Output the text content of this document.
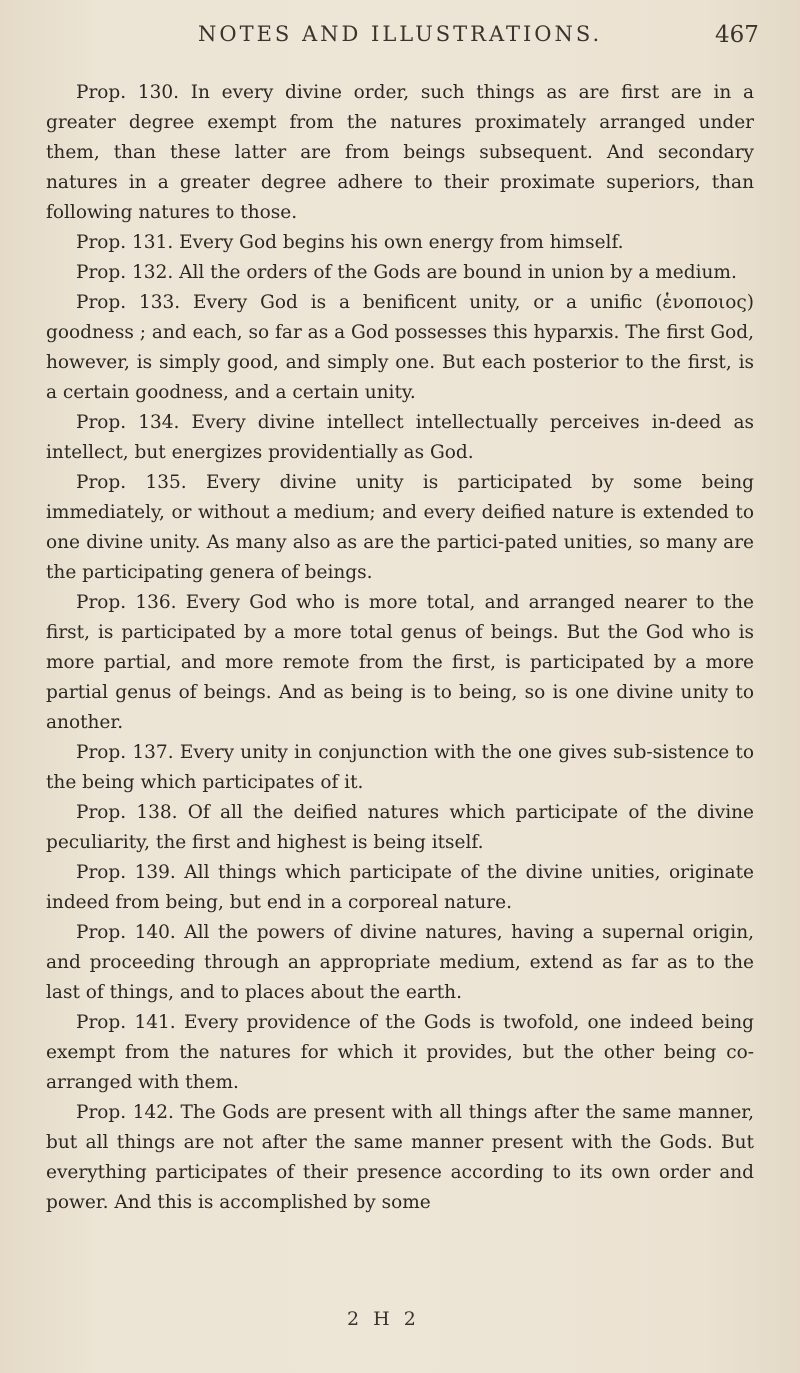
NOTES AND ILLUSTRATIONS.	467

Prop. 130. In every divine order, such things as are first are in a greater degree exempt from the natures proximately arranged under them, than these latter are from beings subsequent. And secondary natures in a greater degree adhere to their proximate superiors, than following natures to those.

Prop. 131. Every God begins his own energy from himself.

Prop. 132. All the orders of the Gods are bound in union by a medium.

Prop. 133. Every God is a benificent unity, or a unific (ἑνοποιος) goodness ; and each, so far as a God possesses this hyparxis. The first God, however, is simply good, and simply one. But each posterior to the first, is a certain goodness, and a certain unity.

Prop. 134. Every divine intellect intellectually perceives in-deed as intellect, but energizes providentially as God.

Prop. 135. Every divine unity is participated by some being immediately, or without a medium; and every deified nature is extended to one divine unity. As many also as are the partici-pated unities, so many are the participating genera of beings.

Prop. 136. Every God who is more total, and arranged nearer to the first, is participated by a more total genus of beings. But the God who is more partial, and more remote from the first, is participated by a more partial genus of beings. And as being is to being, so is one divine unity to another.

Prop. 137. Every unity in conjunction with the one gives sub-sistence to the being which participates of it.

Prop. 138. Of all the deified natures which participate of the divine peculiarity, the first and highest is being itself.

Prop. 139. All things which participate of the divine unities, originate indeed from being, but end in a corporeal nature.

Prop. 140. All the powers of divine natures, having a supernal origin, and proceeding through an appropriate medium, extend as far as to the last of things, and to places about the earth.

Prop. 141. Every providence of the Gods is twofold, one indeed being exempt from the natures for which it provides, but the other being co-arranged with them.

Prop. 142. The Gods are present with all things after the same manner, but all things are not after the same manner present with the Gods. But everything participates of their presence according to its own order and power. And this is accomplished by some

2 H 2
